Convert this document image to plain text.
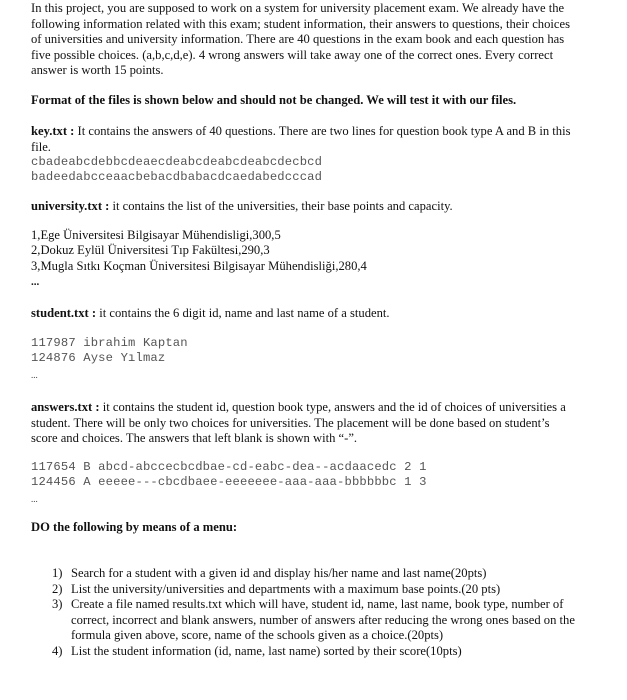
In this project, you are supposed to work on a system for university placement exam. We already have the following information related with this exam; student information, their answers to questions, their choices of universities and university information. There are 40 questions in the exam book and each question has five possible choices. (a,b,c,d,e). 4 wrong answers will take away one of the correct ones. Every correct answer is worth 15 points.

Format of the files is shown below and should not be changed. We will test it with our files.

key.txt : It contains the answers of 40 questions. There are two lines for question book type A and B in this file.

cbadeabcdebbcdeaecdeabcdeabcdeabcdecbcd
badeedabcceaacbebacdbabacdcaedabedcccad

university.txt : it contains the list of the universities, their base points and capacity.

1,Ege Üniversitesi Bilgisayar Mühendisligi,300,5

2,Dokuz Eylül Üniversitesi Tıp Fakültesi,290,3

3,Mugla Sıtkı Koçman Üniversitesi Bilgisayar Mühendisliği,280,4

...

student.txt : it contains the 6 digit id, name and last name of a student.

117987 ibrahim Kaptan
124876 Ayse Yılmaz

...

answers.txt : it contains the student id, question book type, answers and the id of choices of universities a student. There will be only two choices for universities. The placement will be done based on student’s score and choices. The answers that left blank is shown with “-”.

117654 B abcd-abccecbcdbae-cd-eabc-dea--acdaacedc 2 1
124456 A eeeee---cbcdbaee-eeeeeee-aaa-aaa-bbbbbbc 1 3

...

DO the following by means of a menu:

1) Search for a student with a given id and display his/her name and last name(20pts)
2) List the university/universities and departments with a maximum base points.(20 pts)
3) Create a file named results.txt which will have, student id, name, last name, book type, number of correct, incorrect and blank answers, number of answers after reducing the wrong ones based on the formula given above, score, name of the schools given as a choice.(20pts)
4) List the student information (id, name, last name) sorted by their score(10pts)
